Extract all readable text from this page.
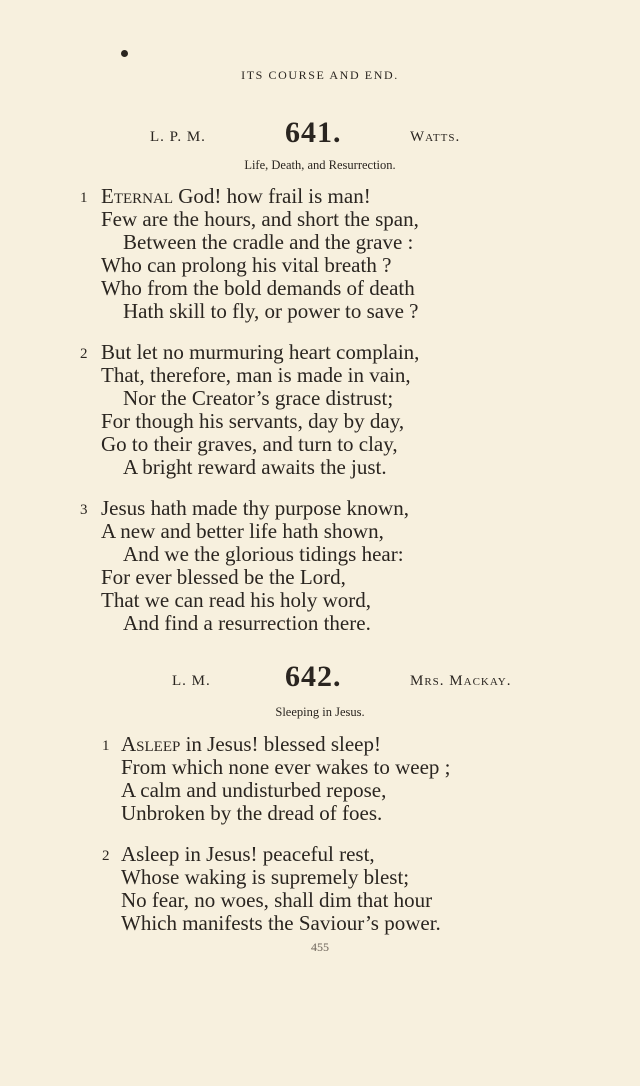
ITS COURSE AND END.
L. P. M.	641.	Watts.
Life, Death, and Resurrection.
1 Eternal God! how frail is man!
Few are the hours, and short the span,
Between the cradle and the grave :
Who can prolong his vital breath ?
Who from the bold demands of death
Hath skill to fly, or power to save ?
2 But let no murmuring heart complain,
That, therefore, man is made in vain,
Nor the Creator’s grace distrust;
For though his servants, day by day,
Go to their graves, and turn to clay,
A bright reward awaits the just.
3 Jesus hath made thy purpose known,
A new and better life hath shown,
And we the glorious tidings hear:
For ever blessed be the Lord,
That we can read his holy word,
And find a resurrection there.
L. M. 642.	Mrs. Mackay.
Sleeping in Jesus.
1 Asleep in Jesus! blessed sleep!
From which none ever wakes to weep ;
A calm and undisturbed repose,
Unbroken by the dread of foes.
2 Asleep in Jesus! peaceful rest,
Whose waking is supremely blest;
No fear, no woes, shall dim that hour
Which manifests the Saviour’s power.
455
